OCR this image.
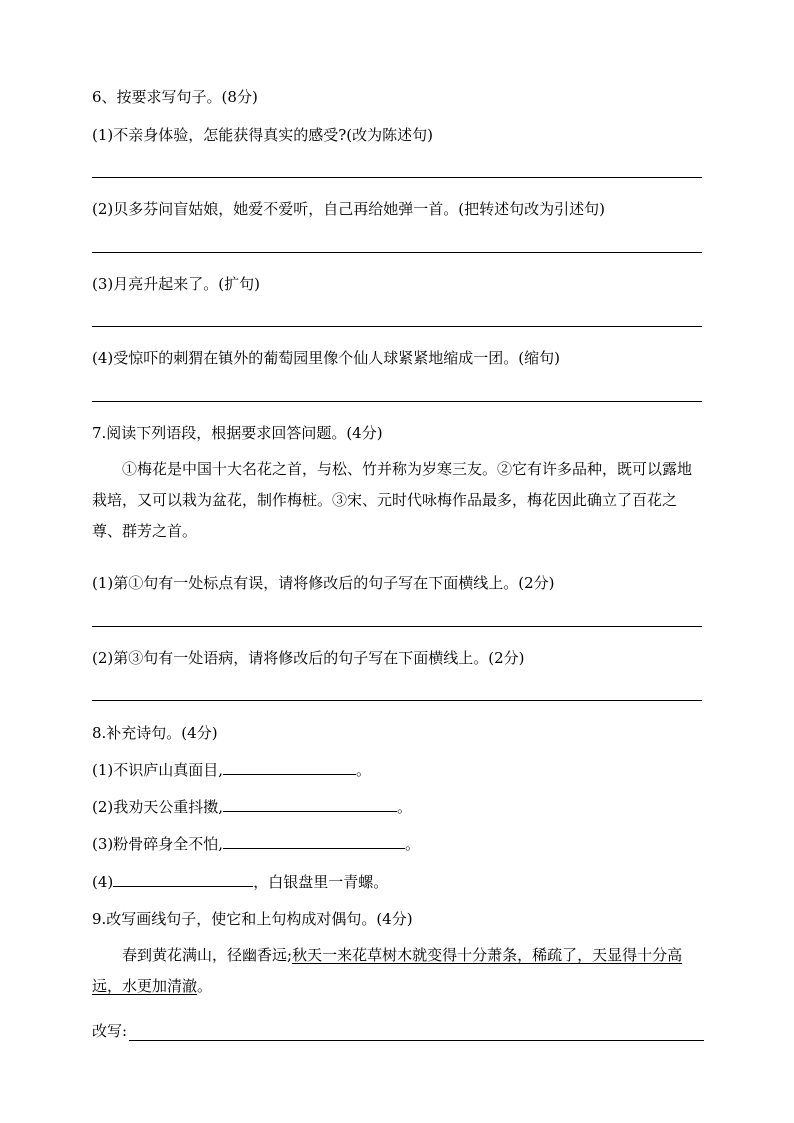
6、按要求写句子。(8分)
(1)不亲身体验，怎能获得真实的感受?(改为陈述句)
(2)贝多芬问盲姑娘，她爱不爱听，自己再给她弹一首。(把转述句改为引述句)
(3)月亮升起来了。(扩句)
(4)受惊吓的刺猬在镇外的葡萄园里像个仙人球紧紧地缩成一团。(缩句)
7.阅读下列语段，根据要求回答问题。(4分)
①梅花是中国十大名花之首，与松、竹并称为岁寒三友。②它有许多品种，既可以露地栽培，又可以栽为盆花，制作梅桩。③宋、元时代咏梅作品最多，梅花因此确立了百花之尊、群芳之首。
(1)第①句有一处标点有误，请将修改后的句子写在下面横线上。(2分)
(2)第③句有一处语病，请将修改后的句子写在下面横线上。(2分)
8.补充诗句。(4分)
(1)不识庐山真面目,	。
(2)我劝天公重抖擞,	。
(3)粉骨碎身全不怕,	。
(4)	，白银盘里一青螺。
9.改写画线句子，使它和上句构成对偶句。(4分)
春到黄花满山，径幽香远;秋天一来花草树木就变得十分萧条，稀疏了，天显得十分高远，水更加清澈。
改写:
